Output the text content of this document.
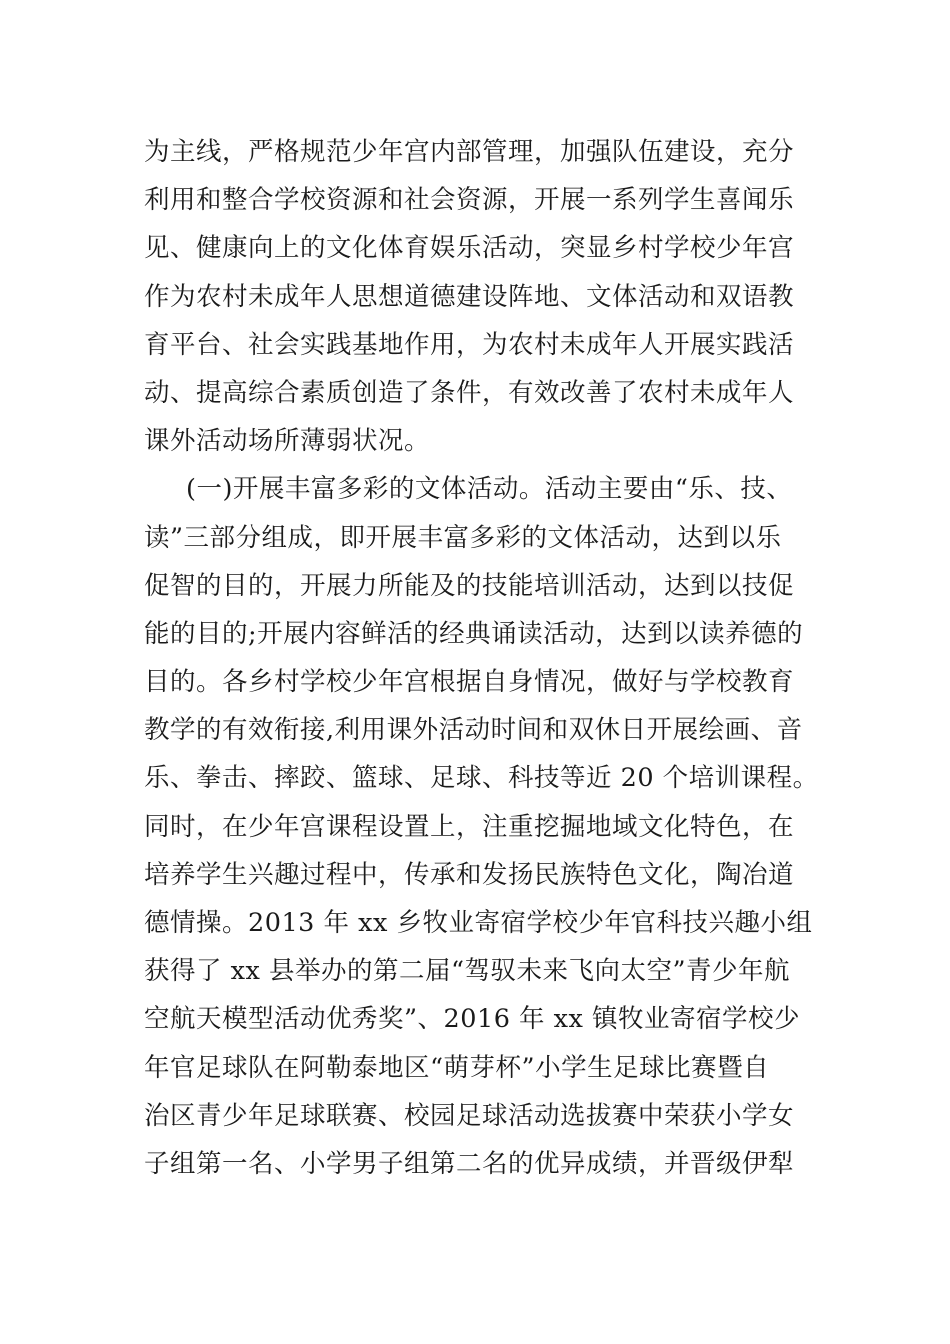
为主线，严格规范少年宫内部管理，加强队伍建设，充分
利用和整合学校资源和社会资源，开展一系列学生喜闻乐
见、健康向上的文化体育娱乐活动，突显乡村学校少年宫
作为农村未成年人思想道德建设阵地、文体活动和双语教
育平台、社会实践基地作用，为农村未成年人开展实践活
动、提高综合素质创造了条件，有效改善了农村未成年人
课外活动场所薄弱状况。
(一)开展丰富多彩的文体活动。活动主要由“乐、技、
读”三部分组成，即开展丰富多彩的文体活动，达到以乐
促智的目的，开展力所能及的技能培训活动，达到以技促
能的目的;开展内容鲜活的经典诵读活动，达到以读养德的
目的。各乡村学校少年宫根据自身情况，做好与学校教育
教学的有效衔接,利用课外活动时间和双休日开展绘画、音
乐、拳击、摔跤、篮球、足球、科技等近 20 个培训课程。
同时，在少年宫课程设置上，注重挖掘地域文化特色，在
培养学生兴趣过程中，传承和发扬民族特色文化，陶冶道
德情操。2013 年 xx 乡牧业寄宿学校少年官科技兴趣小组
获得了 xx 县举办的第二届“驾驭未来飞向太空”青少年航
空航天模型活动优秀奖”、2016 年 xx 镇牧业寄宿学校少
年官足球队在阿勒泰地区“萌芽杯”小学生足球比赛暨自
治区青少年足球联赛、校园足球活动选拔赛中荣获小学女
子组第一名、小学男子组第二名的优异成绩，并晋级伊犁
